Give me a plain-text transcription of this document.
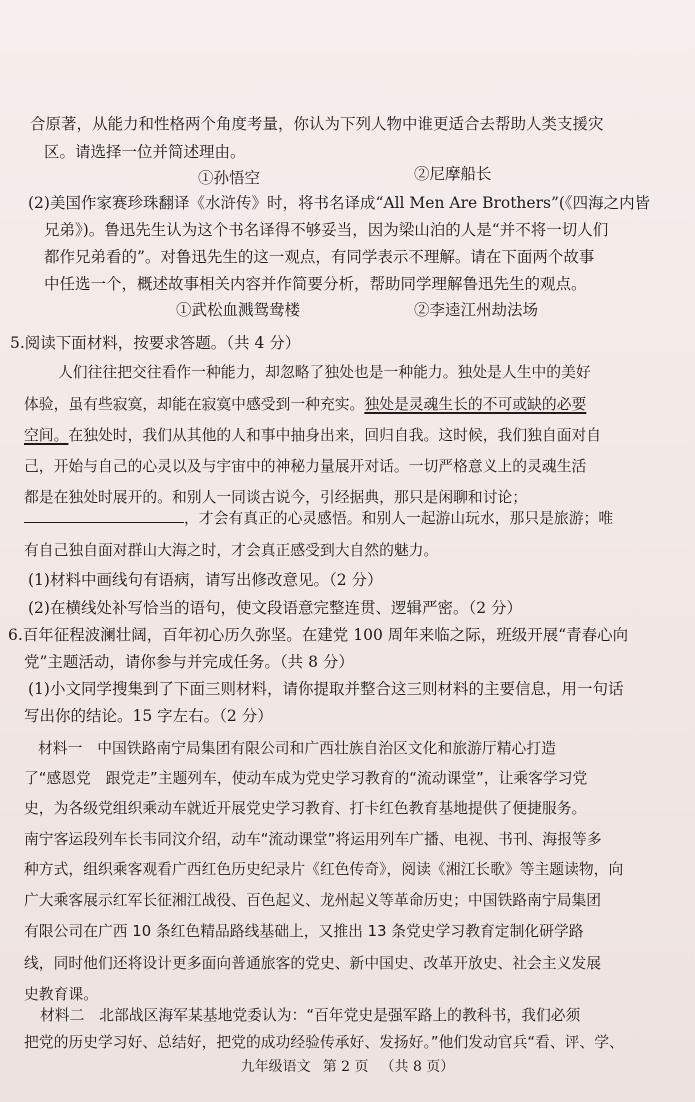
合原著，从能力和性格两个角度考量，你认为下列人物中谁更适合去帮助人类支援灾
区。请选择一位并简述理由。
①孙悟空	②尼摩船长
(2)美国作家赛珍珠翻译《水浒传》时，将书名译成“All Men Are Brothers”(《四海之内皆
兄弟》)。鲁迅先生认为这个书名译得不够妥当，因为梁山泊的人是“并不将一切人们
都作兄弟看的”。对鲁迅先生的这一观点，有同学表示不理解。请在下面两个故事
中任选一个，概述故事相关内容并作简要分析，帮助同学理解鲁迅先生的观点。
①武松血溅鸳鸯楼	②李逵江州劫法场
5.阅读下面材料，按要求答题。（共 4 分）
人们往往把交往看作一种能力，却忽略了独处也是一种能力。独处是人生中的美好
体验，虽有些寂寞，却能在寂寞中感受到一种充实。独处是灵魂生长的不可或缺的必要
空间。在独处时，我们从其他的人和事中抽身出来，回归自我。这时候，我们独自面对自
己，开始与自己的心灵以及与宇宙中的神秘力量展开对话。一切严格意义上的灵魂生活
都是在独处时展开的。和别人一同谈古说今，引经据典，那只是闲聊和讨论；
，才会有真正的心灵感悟。和别人一起游山玩水，那只是旅游；唯
有自己独自面对群山大海之时，才会真正感受到大自然的魅力。
(1)材料中画线句有语病，请写出修改意见。（2 分）
(2)在横线处补写恰当的语句，使文段语意完整连贯、逻辑严密。（2 分）
6.百年征程波澜壮阔，百年初心历久弥坚。在建党 100 周年来临之际，班级开展“青春心向
党”主题活动，请你参与并完成任务。（共 8 分）
(1)小文同学搜集到了下面三则材料，请你提取并整合这三则材料的主要信息，用一句话
写出你的结论。15 字左右。（2 分）
材料一　中国铁路南宁局集团有限公司和广西壮族自治区文化和旅游厅精心打造
了“感恩党　跟党走”主题列车，使动车成为党史学习教育的“流动课堂”，让乘客学习党
史，为各级党组织乘动车就近开展党史学习教育、打卡红色教育基地提供了便捷服务。
南宁客运段列车长韦同汶介绍，动车“流动课堂”将运用列车广播、电视、书刊、海报等多
种方式，组织乘客观看广西红色历史纪录片《红色传奇》，阅读《湘江长歌》等主题读物，向
广大乘客展示红军长征湘江战役、百色起义、龙州起义等革命历史；中国铁路南宁局集团
有限公司在广西 10 条红色精品路线基础上，又推出 13 条党史学习教育定制化研学路
线，同时他们还将设计更多面向普通旅客的党史、新中国史、改革开放史、社会主义发展
史教育课。
材料二　北部战区海军某基地党委认为：“百年党史是强军路上的教科书，我们必须
九年级语文 第 2 页 （共 8 页）
把党的历史学习好、总结好，把党的成功经验传承好、发扬好。”他们发动官兵“看、评、学、
